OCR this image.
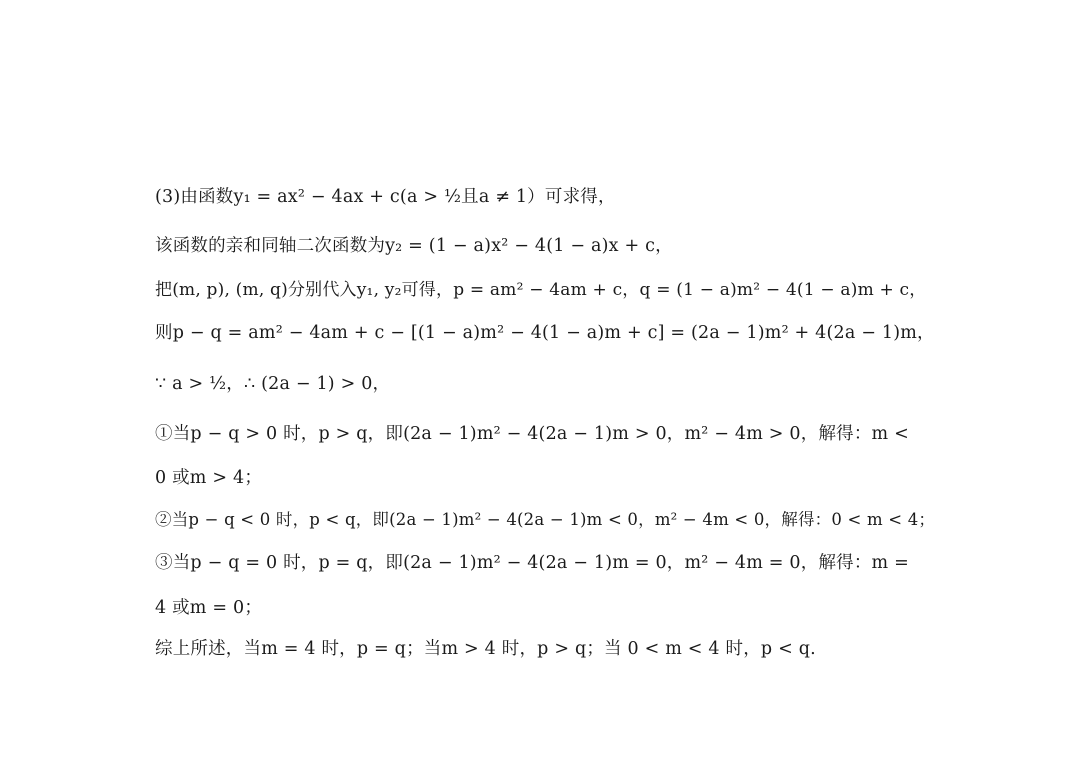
(3)由函数y₁ = ax² − 4ax + c(a > ½且a ≠ 1）可求得，
该函数的亲和同轴二次函数为y₂ = (1 − a)x² − 4(1 − a)x + c，
把(m, p), (m, q)分别代入y₁, y₂可得，p = am² − 4am + c，q = (1 − a)m² − 4(1 − a)m + c，
则p − q = am² − 4am + c − [(1 − a)m² − 4(1 − a)m + c] = (2a − 1)m² + 4(2a − 1)m，
∵ a > ½，∴ (2a − 1) > 0，
①当p − q > 0 时，p > q，即(2a − 1)m² − 4(2a − 1)m > 0，m² − 4m > 0，解得：m <
0 或m > 4；
②当p − q < 0 时，p < q，即(2a − 1)m² − 4(2a − 1)m < 0，m² − 4m < 0，解得：0 < m < 4；
③当p − q = 0 时，p = q，即(2a − 1)m² − 4(2a − 1)m = 0，m² − 4m = 0，解得：m =
4 或m = 0；
综上所述，当m = 4 时，p = q；当m > 4 时，p > q；当 0 < m < 4 时，p < q.
